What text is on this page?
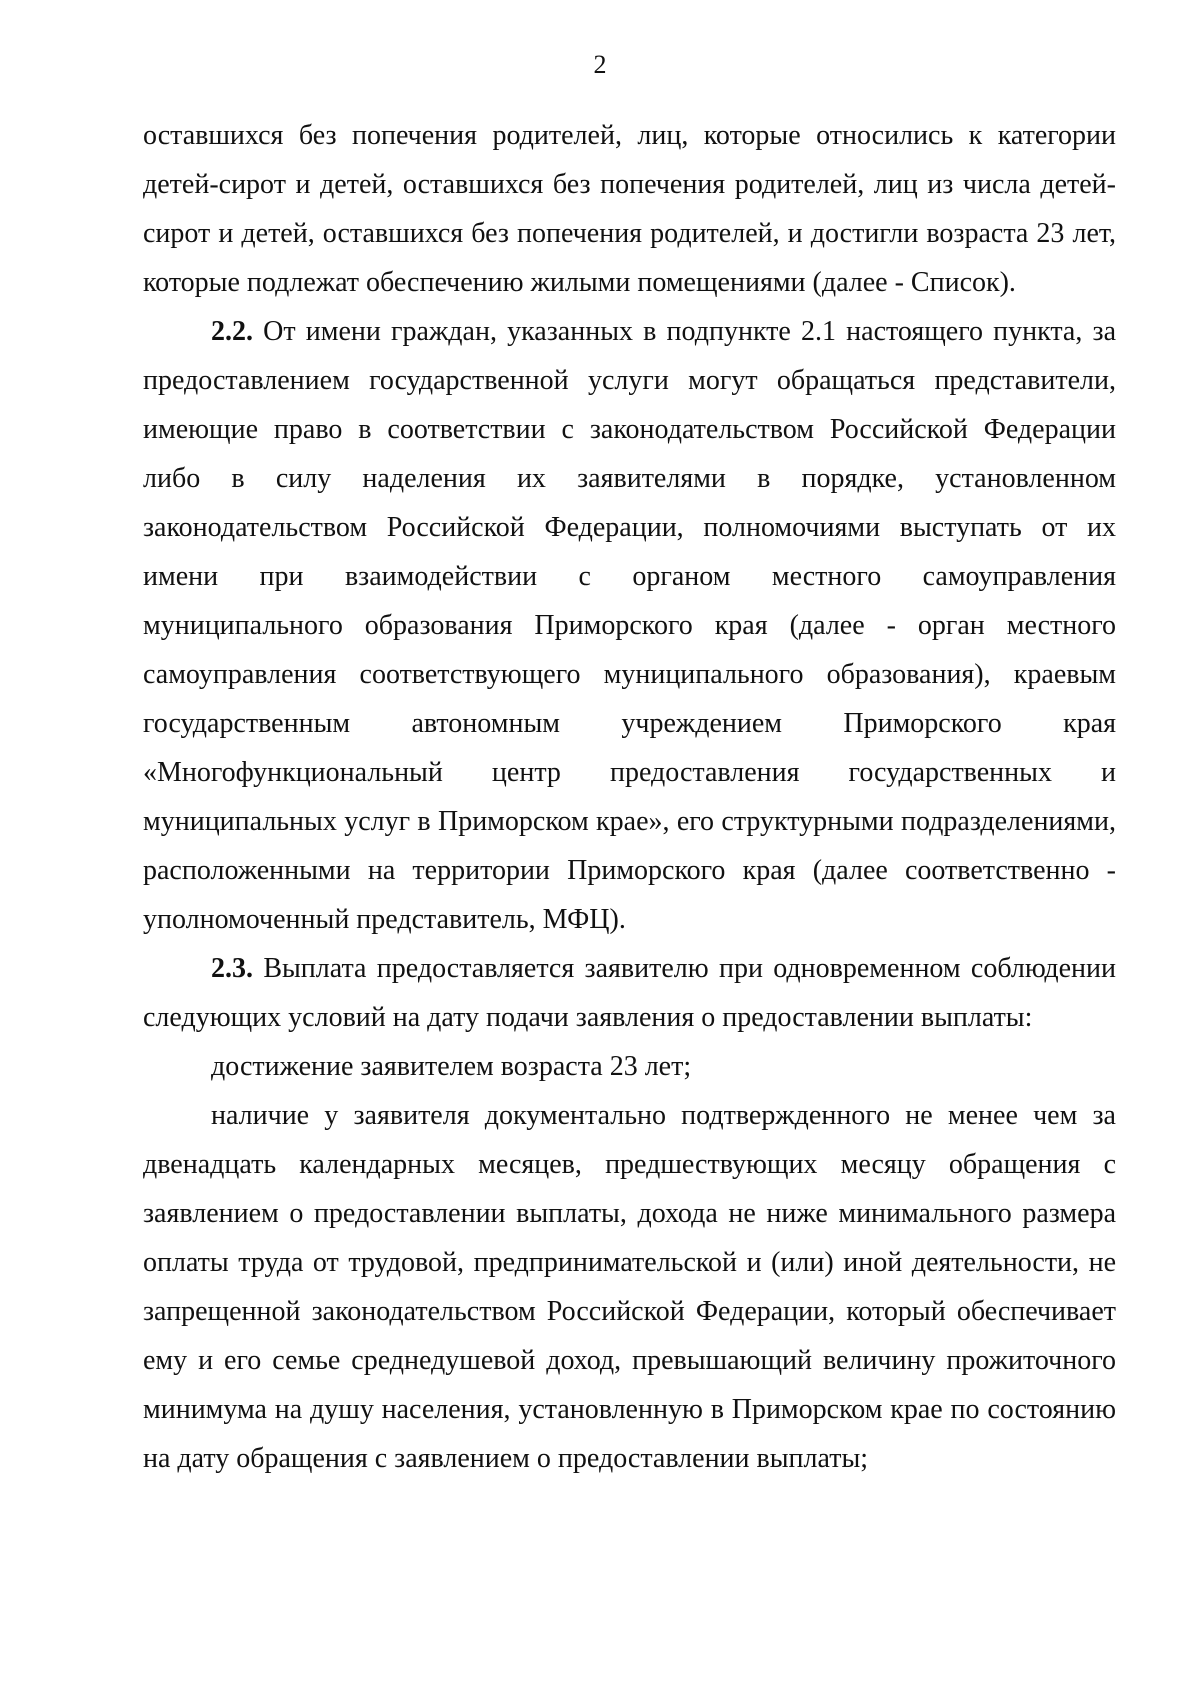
2

оставшихся без попечения родителей, лиц, которые относились к категории детей-сирот и детей, оставшихся без попечения родителей, лиц из числа детей-сирот и детей, оставшихся без попечения родителей, и достигли возраста 23 лет, которые подлежат обеспечению жилыми помещениями (далее - Список).

2.2. От имени граждан, указанных в подпункте 2.1 настоящего пункта, за предоставлением государственной услуги могут обращаться представители, имеющие право в соответствии с законодательством Российской Федерации либо в силу наделения их заявителями в порядке, установленном законодательством Российской Федерации, полномочиями выступать от их имени при взаимодействии с органом местного самоуправления муниципального образования Приморского края (далее - орган местного самоуправления соответствующего муниципального образования), краевым государственным автономным учреждением Приморского края «Многофункциональный центр предоставления государственных и муниципальных услуг в Приморском крае», его структурными подразделениями, расположенными на территории Приморского края (далее соответственно - уполномоченный представитель, МФЦ).

2.3. Выплата предоставляется заявителю при одновременном соблюдении следующих условий на дату подачи заявления о предоставлении выплаты:

достижение заявителем возраста 23 лет;

наличие у заявителя документально подтвержденного не менее чем за двенадцать календарных месяцев, предшествующих месяцу обращения с заявлением о предоставлении выплаты, дохода не ниже минимального размера оплаты труда от трудовой, предпринимательской и (или) иной деятельности, не запрещенной законодательством Российской Федерации, который обеспечивает ему и его семье среднедушевой доход, превышающий величину прожиточного минимума на душу населения, установленную в Приморском крае по состоянию на дату обращения с заявлением о предоставлении выплаты;
